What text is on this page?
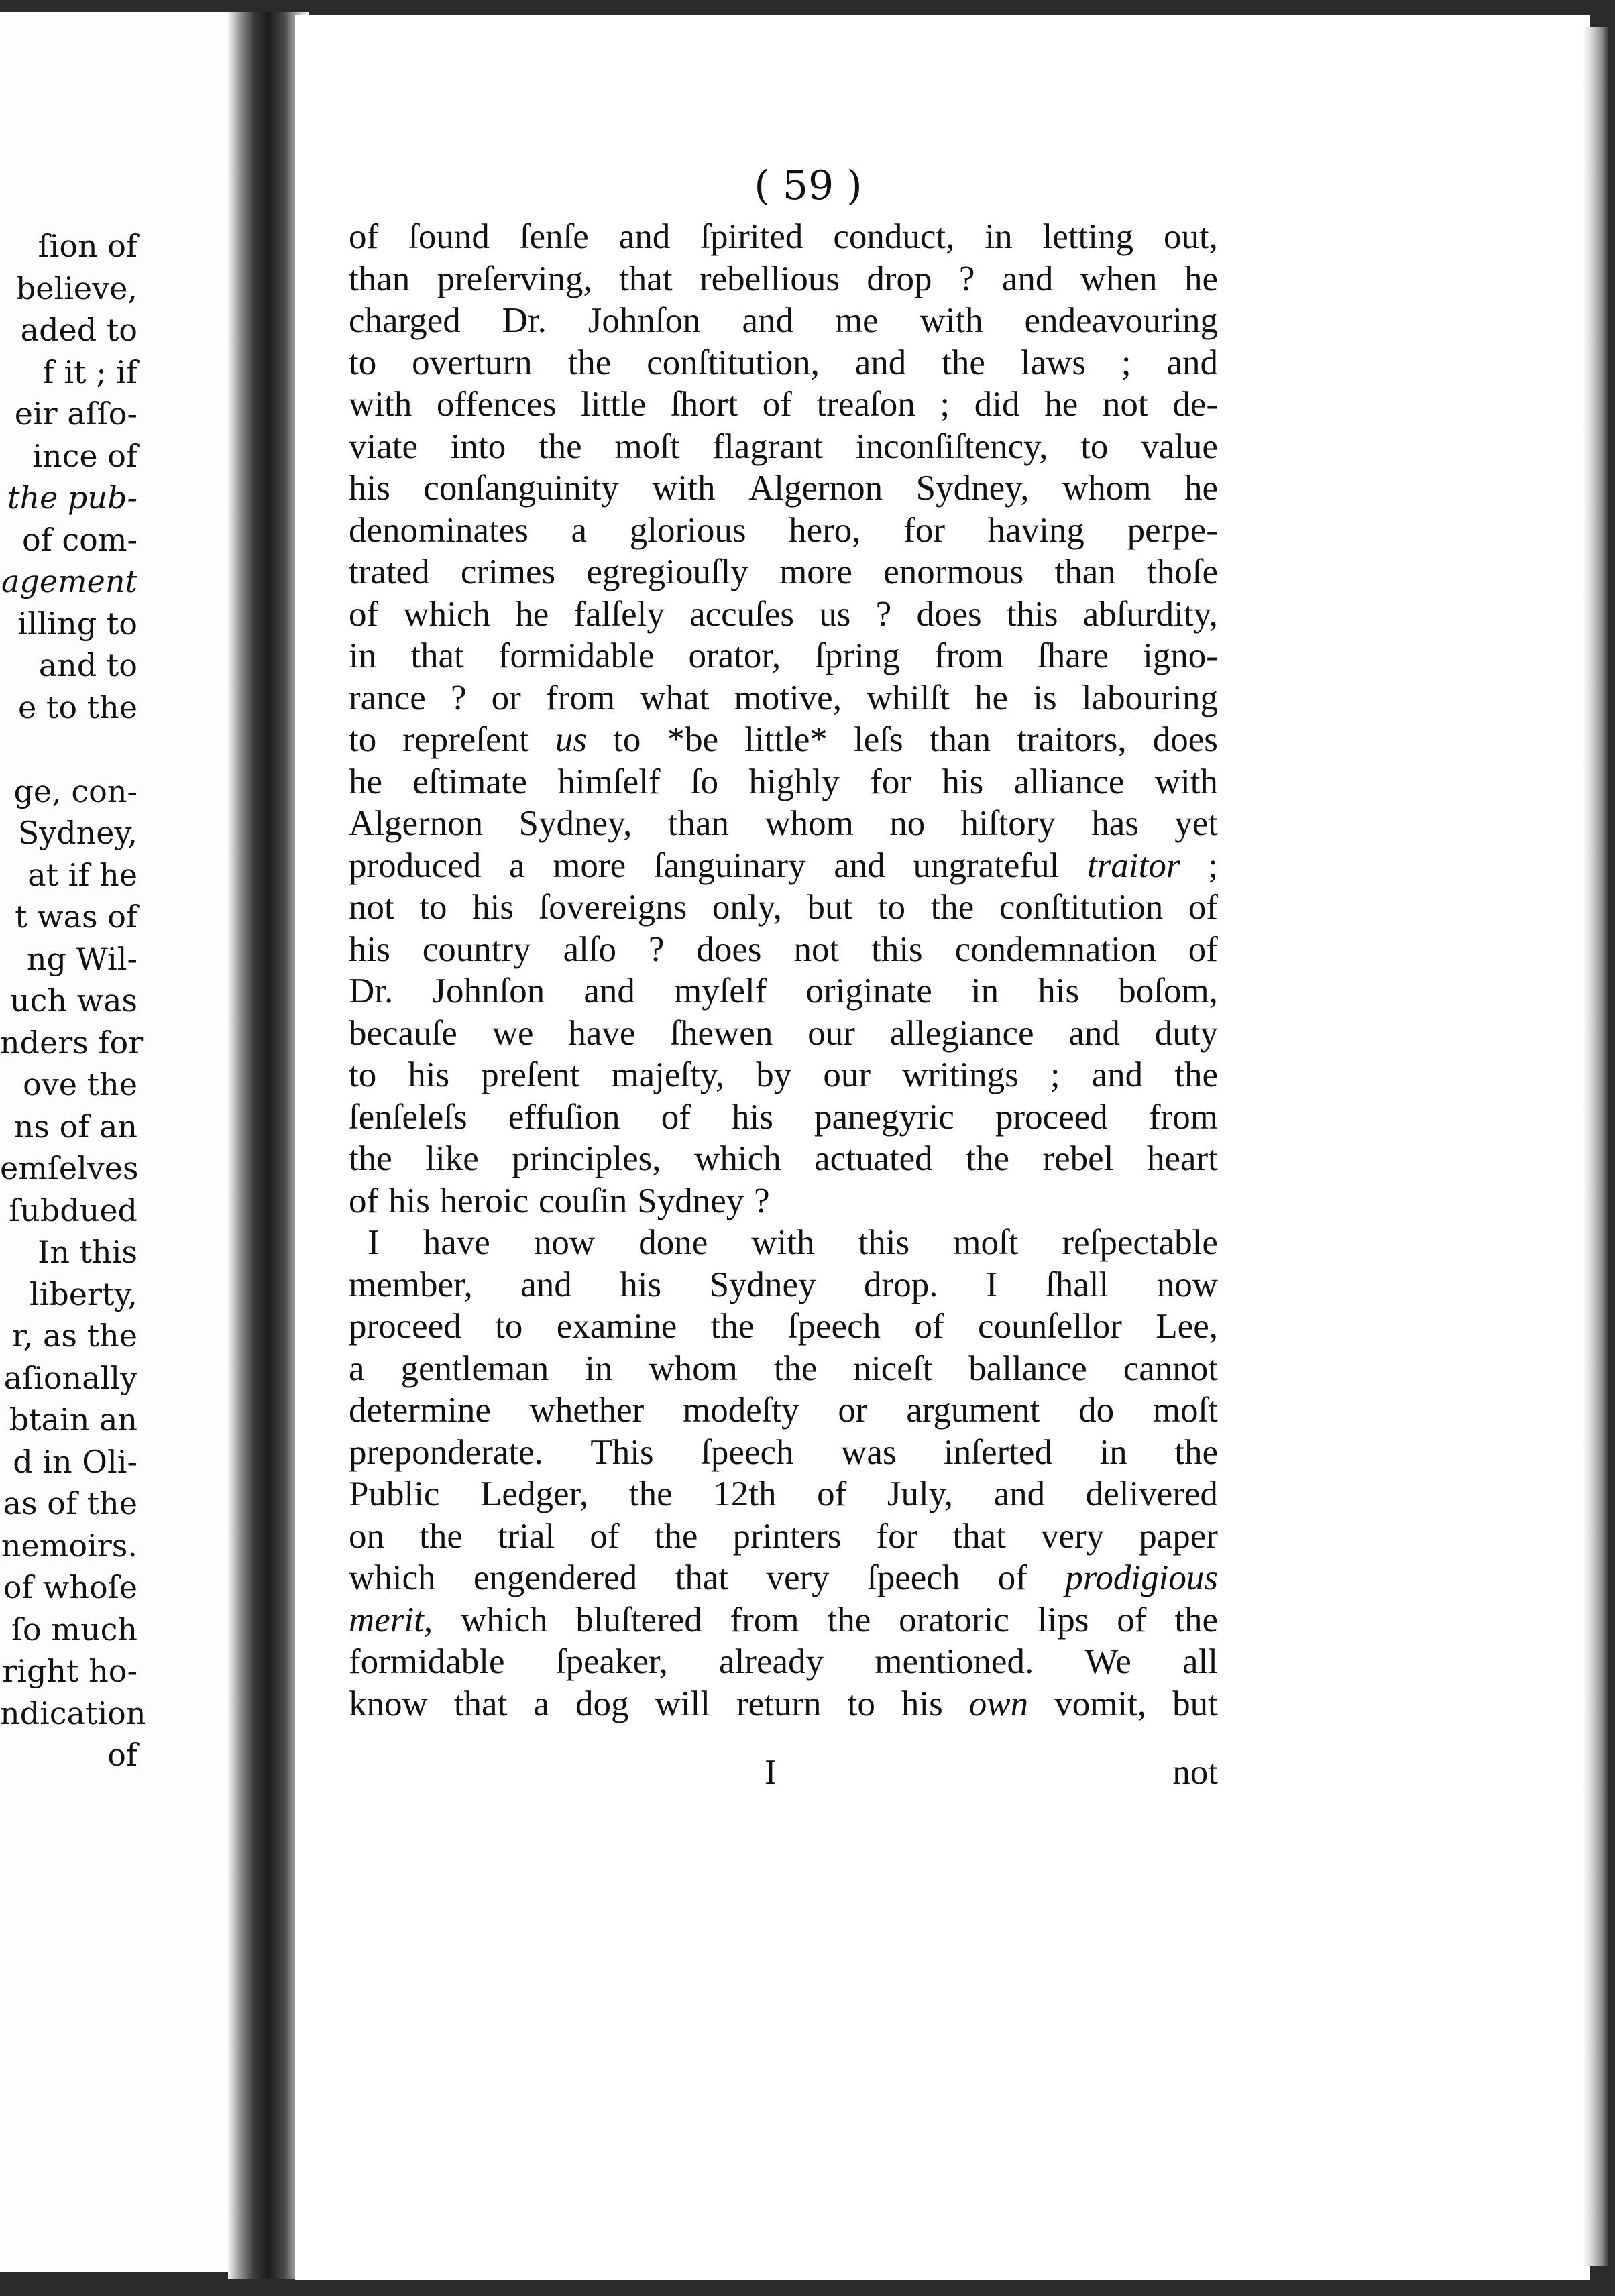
ſion of
believe,
aded to
f it ; if
eir aſſo-
ince of
the pub-
of com-
agement
illing to
and to
e to the
ge, con-
Sydney,
at if he
t was of
ng Wil-
uch was
nders for
ove the
ns of an
emſelves
ſubdued
In this
liberty,
r, as the
aſionally
btain an
d in Oli-
as of the
nemoirs.
of whoſe
ſo much
right ho-
ndication
of
( 59 )
of ſound ſenſe and ſpirited conduct, in letting out,
than preſerving, that rebellious drop ? and when he
charged Dr. Johnſon and me with endeavouring
to overturn the conſtitution, and the laws ; and
with offences little ſhort of treaſon ; did he not de-
viate into the moſt flagrant inconſiſtency, to value
his conſanguinity with Algernon Sydney, whom he
denominates a glorious hero, for having perpe-
trated crimes egregiouſly more enormous than thoſe
of which he falſely accuſes us ? does this abſurdity,
in that formidable orator, ſpring from ſhare igno-
rance ? or from what motive, whilſt he is labouring
to repreſent us to *be little* leſs than traitors, does
he eſtimate himſelf ſo highly for his alliance with
Algernon Sydney, than whom no hiſtory has yet
produced a more ſanguinary and ungrateful traitor ;
not to his ſovereigns only, but to the conſtitution of
his country alſo ? does not this condemnation of
Dr. Johnſon and myſelf originate in his boſom,
becauſe we have ſhewen our allegiance and duty
to his preſent majeſty, by our writings ; and the
ſenſeleſs effuſion of his panegyric proceed from
the like principles, which actuated the rebel heart
of his heroic couſin Sydney ?
I have now done with this moſt reſpectable
member, and his Sydney drop. I ſhall now
proceed to examine the ſpeech of counſellor Lee,
a gentleman in whom the niceſt ballance cannot
determine whether modeſty or argument do moſt
preponderate. This ſpeech was inſerted in the
Public Ledger, the 12th of July, and delivered
on the trial of the printers for that very paper
which engendered that very ſpeech of prodigious
merit, which bluſtered from the oratoric lips of the
formidable ſpeaker, already mentioned. We all
know that a dog will return to his own vomit, but
I	not
